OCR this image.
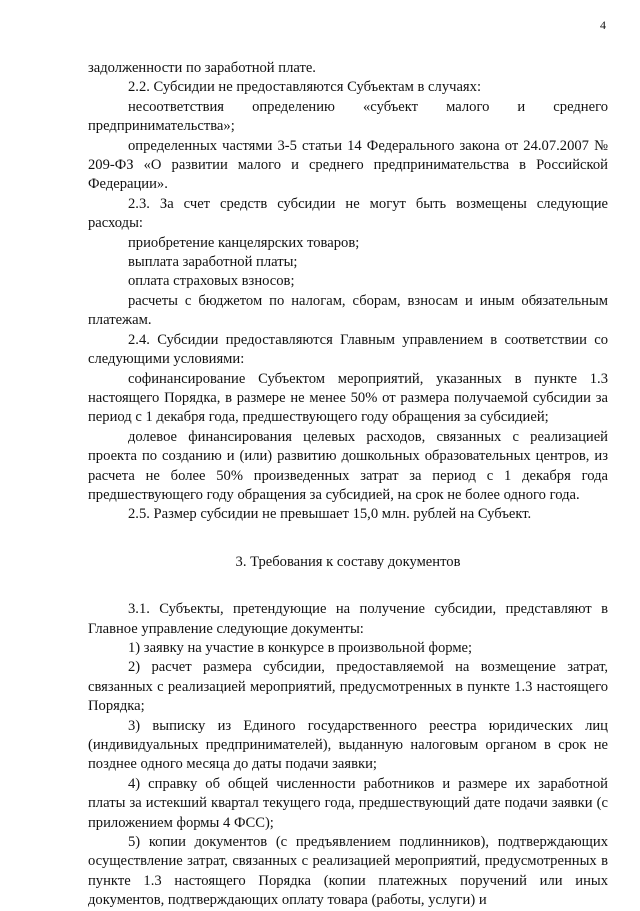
4

задолженности по заработной плате.

2.2. Субсидии не предоставляются Субъектам в случаях:

несоответствия определению «субъект малого и среднего предпринимательства»;

определенных частями 3-5 статьи 14 Федерального закона от 24.07.2007 № 209-ФЗ «О развитии малого и среднего предпринимательства в Российской Федерации».

2.3. За счет средств субсидии не могут быть возмещены следующие расходы:

приобретение канцелярских товаров;

выплата заработной платы;

оплата страховых взносов;

расчеты с бюджетом по налогам, сборам, взносам и иным обязательным платежам.

2.4. Субсидии предоставляются Главным управлением в соответствии со следующими условиями:

софинансирование Субъектом мероприятий, указанных в пункте 1.3 настоящего Порядка, в размере не менее 50% от размера получаемой субсидии за период с 1 декабря года, предшествующего году обращения за субсидией;

долевое финансирования целевых расходов, связанных с реализацией проекта по созданию и (или) развитию дошкольных образовательных центров, из расчета не более 50% произведенных затрат за период с 1 декабря года предшествующего году обращения за субсидией, на срок не более одного года.

2.5. Размер субсидии не превышает 15,0 млн. рублей на Субъект.

3. Требования к составу документов

3.1. Субъекты, претендующие на получение субсидии, представляют в Главное управление следующие документы:

1) заявку на участие в конкурсе в произвольной форме;

2) расчет размера субсидии, предоставляемой на возмещение затрат, связанных с реализацией мероприятий, предусмотренных в пункте 1.3 настоящего Порядка;

3) выписку из Единого государственного реестра юридических лиц (индивидуальных предпринимателей), выданную налоговым органом в срок не позднее одного месяца до даты подачи заявки;

4) справку об общей численности работников и размере их заработной платы за истекший квартал текущего года, предшествующий дате подачи заявки (с приложением формы 4 ФСС);

5) копии документов (с предъявлением подлинников), подтверждающих осуществление затрат, связанных с реализацией мероприятий, предусмотренных в пункте 1.3 настоящего Порядка (копии платежных поручений или иных документов, подтверждающих оплату товара (работы, услуги) и
